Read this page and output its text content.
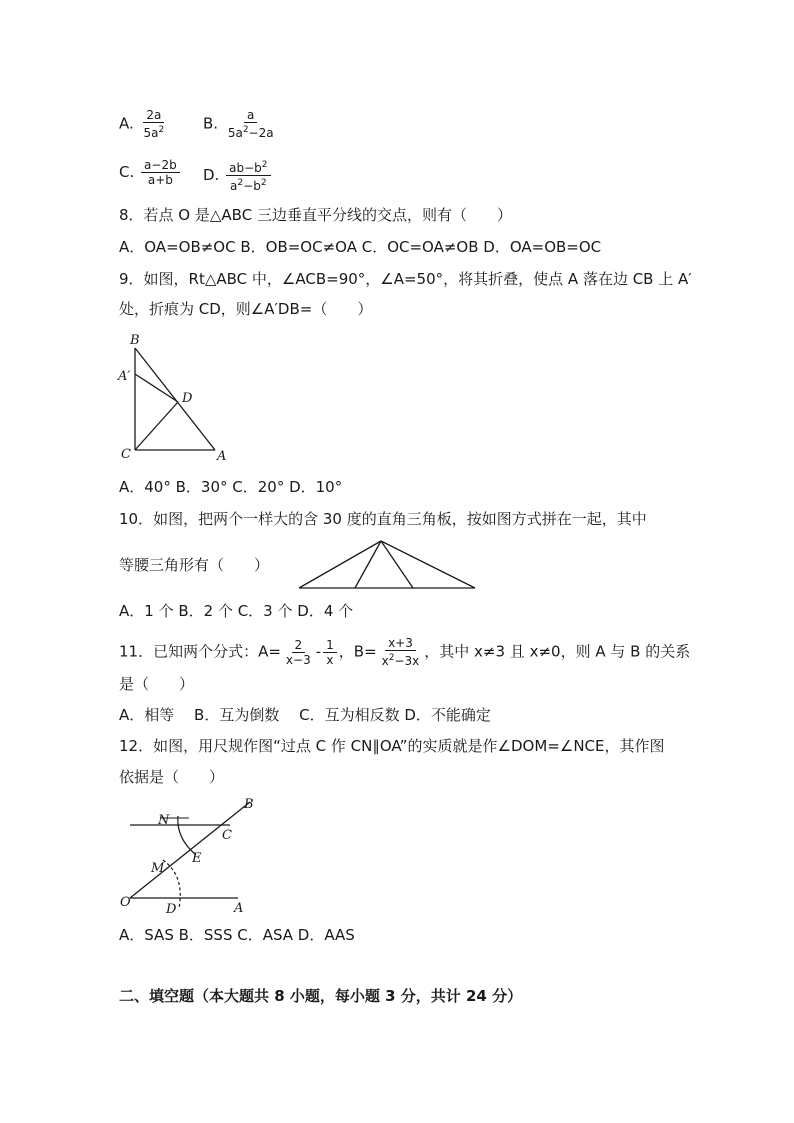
A. $\frac{2a}{5a^2} B$. $\frac{a}{5a^2-2a}$
C. $\frac{a-2b}{a+b} D$. $\frac{ab-b^2}{a^2-b^2}$
8．若点 O 是△ABC 三边垂直平分线的交点，则有（　　）
A．OA=OB≠OC B．OB=OC≠OA C．OC=OA≠OB D．OA=OB=OC
9．如图，Rt△ABC 中，∠ACB=90°，∠A=50°，将其折叠，使点 A 落在边 CB 上 A′
处，折痕为 CD，则∠A′DB=（　　）
B
A′
D
C	A
A．40° B．30° C．20° D．10°
10．如图，把两个一样大的含 30 度的直角三角板，按如图方式拼在一起，其中
等腰三角形有（　　）
A．1 个 B．2 个 C．3 个 D．4 个
11．已知两个分式：$A= \frac{2}{x-3} - \frac{1}{x}$ ，$B= \frac{x+3}{x^2-3x}$ ，其中 x≠3 且 x≠0，则 A 与 B 的关系
是（　　）
A．相等　 B．互为倒数　 C．互为相反数 D．不能确定
12．如图，用尺规作图“过点 C 作 CN∥OA”的实质就是作∠DOM=∠NCE，其作图
依据是（　　）
B
N
C
E
M
O	D	A
A．SAS B．SSS C．ASA D．AAS
二、填空题（本大题共 8 小题，每小题 3 分，共计 24 分）
